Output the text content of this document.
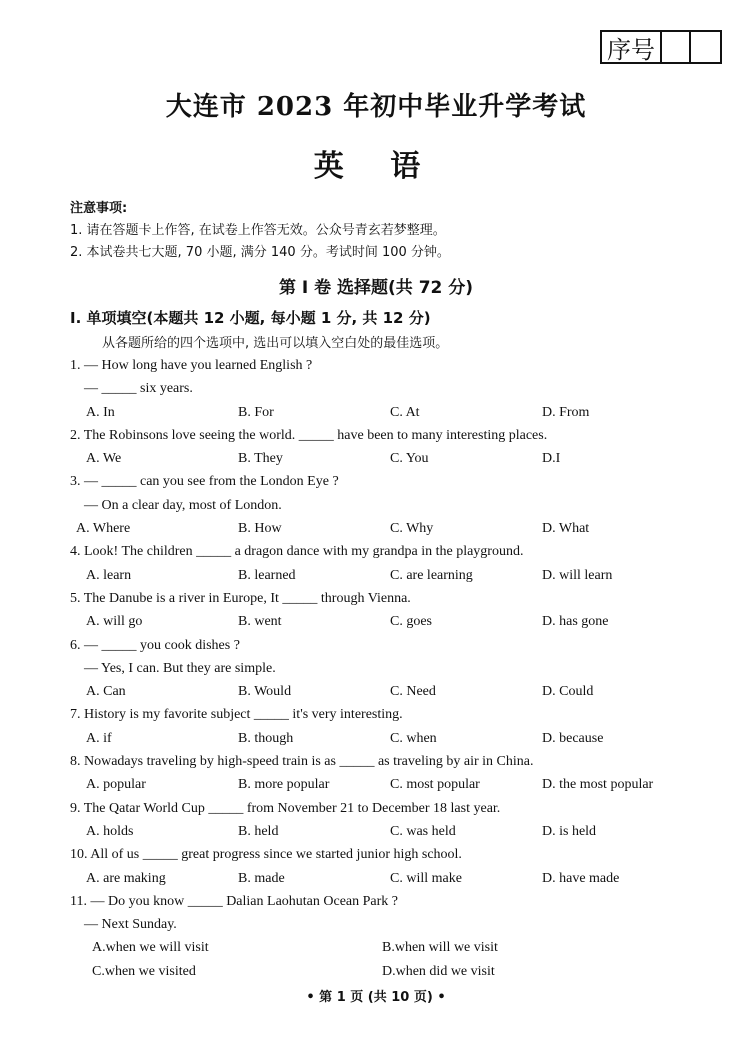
序号
大连市 2023 年初中毕业升学考试
英 语
注意事项:
1. 请在答题卡上作答, 在试卷上作答无效。公众号青玄若梦整理。
2. 本试卷共七大题, 70 小题, 满分 140 分。考试时间 100 分钟。
第 I 卷 选择题(共 72 分)
I. 单项填空(本题共 12 小题, 每小题 1 分, 共 12 分)
从各题所给的四个选项中, 选出可以填入空白处的最佳选项。
1. — How long have you learned English ?
— _____ six years.
A. In	B. For	C. At	D. From
2. The Robinsons love seeing the world. _____ have been to many interesting places.
A. We	B. They	C. You	D.I
3. — _____ can you see from the London Eye ?
— On a clear day, most of London.
A. Where	B. How	C. Why	D. What
4. Look! The children _____ a dragon dance with my grandpa in the playground.
A. learn	B. learned	C. are learning	D. will learn
5. The Danube is a river in Europe, It _____ through Vienna.
A. will go	B. went	C. goes	D. has gone
6. — _____ you cook dishes ?
— Yes, I can. But they are simple.
A. Can	B. Would	C. Need	D. Could
7. History is my favorite subject _____ it's very interesting.
A. if	B. though	C. when	D. because
8. Nowadays traveling by high-speed train is as _____ as traveling by air in China.
A. popular	B. more popular	C. most popular	D. the most popular
9. The Qatar World Cup _____ from November 21 to December 18 last year.
A. holds	B. held	C. was held	D. is held
10. All of us _____ great progress since we started junior high school.
A. are making	B. made	C. will make	D. have made
11. — Do you know _____ Dalian Laohutan Ocean Park ?
— Next Sunday.
A.when we will visit	B.when will we visit
C.when we visited	D.when did we visit
• 第 1 页 (共 10 页) •
